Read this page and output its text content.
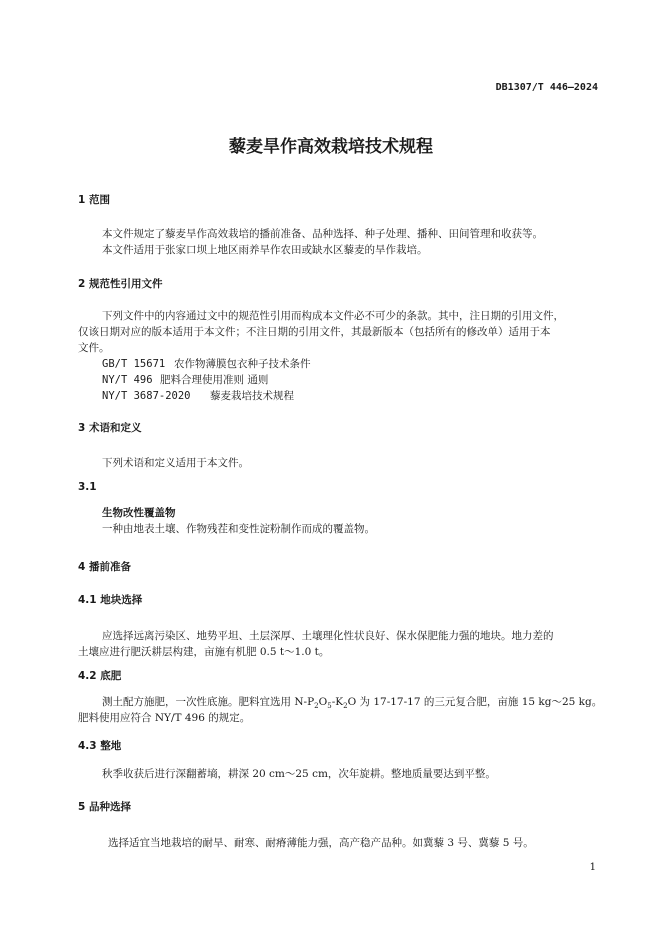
DB1307/T 446—2024
藜麦旱作高效栽培技术规程
1 范围
本文件规定了藜麦旱作高效栽培的播前准备、品种选择、种子处理、播种、田间管理和收获等。
本文件适用于张家口坝上地区雨养旱作农田或缺水区藜麦的旱作栽培。
2 规范性引用文件
下列文件中的内容通过文中的规范性引用而构成本文件必不可少的条款。其中，注日期的引用文件，
仅该日期对应的版本适用于本文件；不注日期的引用文件，其最新版本（包括所有的修改单）适用于本
文件。
GB/T 15671 农作物薄膜包衣种子技术条件
NY/T 496 肥料合理使用准则 通则
NY/T 3687-2020 藜麦栽培技术规程
3 术语和定义
下列术语和定义适用于本文件。
3.1
生物改性覆盖物
一种由地表土壤、作物残茬和变性淀粉制作而成的覆盖物。
4 播前准备
4.1 地块选择
应选择远离污染区、地势平坦、土层深厚、土壤理化性状良好、保水保肥能力强的地块。地力差的
土壤应进行肥沃耕层构建，亩施有机肥 0.5 t～1.0 t。
4.2 底肥
测土配方施肥，一次性底施。肥料宜选用 $N-P_2O_5-K_2O$ 为 17-17-17 的三元复合肥，亩施 15 kg～25 kg。
肥料使用应符合 NY/T 496 的规定。
4.3 整地
秋季收获后进行深翻蓄墒，耕深 20 cm～25 cm，次年旋耕。整地质量要达到平整。
5 品种选择
选择适宜当地栽培的耐旱、耐寒、耐瘠薄能力强，高产稳产品种。如冀藜 3 号、冀藜 5 号。
1
